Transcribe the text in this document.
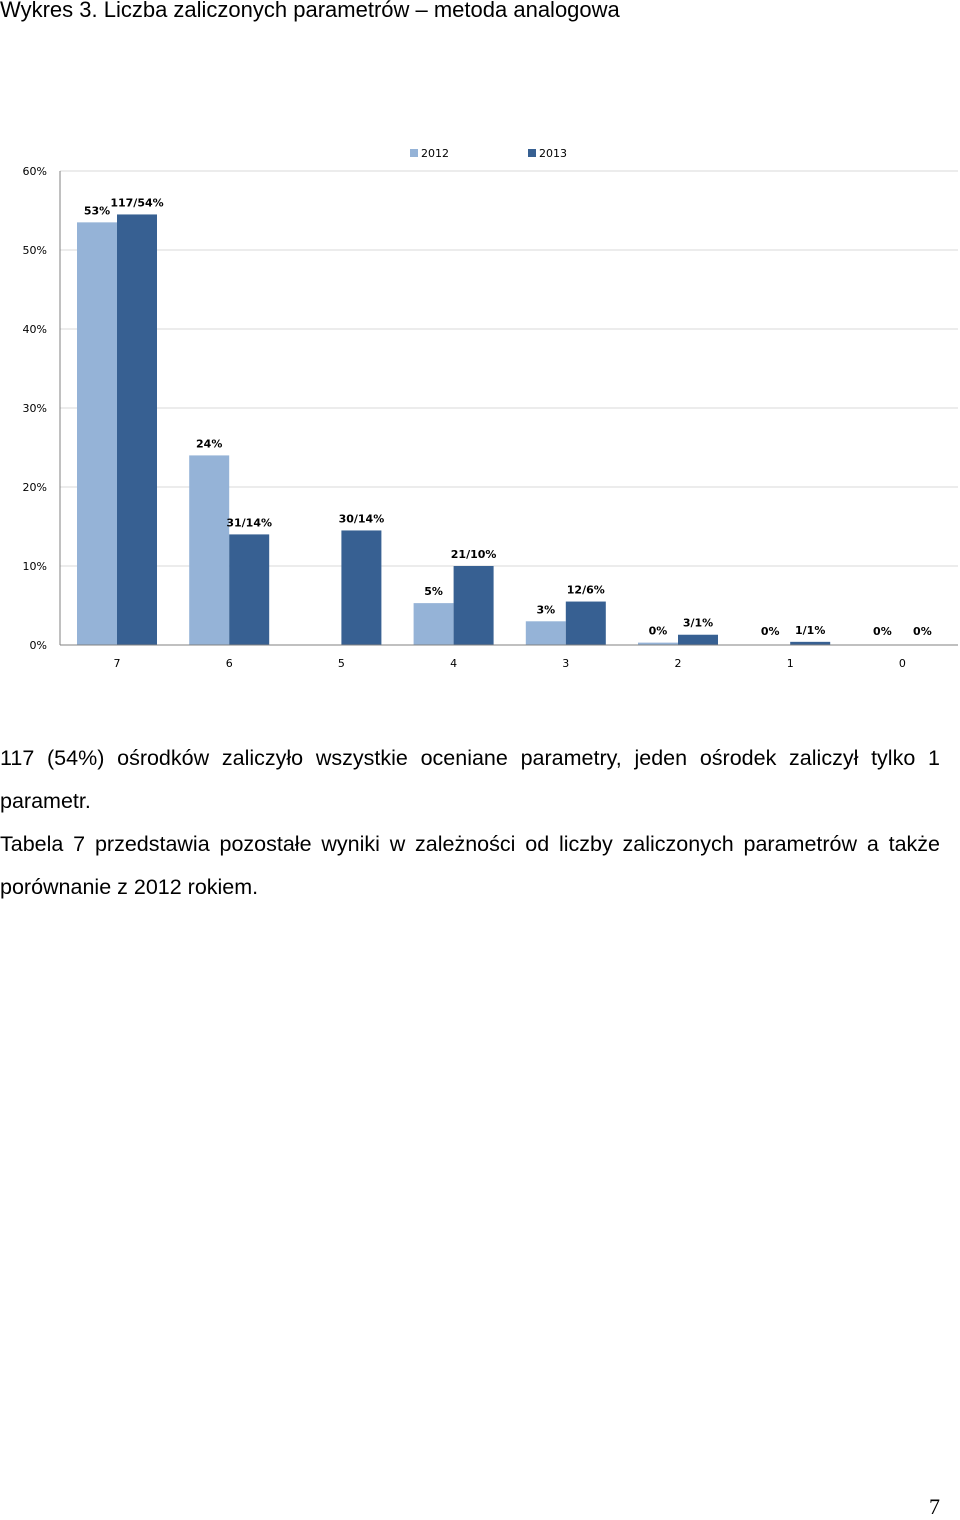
Wykres 3. Liczba zaliczonych parametrów – metoda analogowa
0%
10%
20%
30%
40%
50%
60%
53%
24%
5%
3%
0%	0%	0%
117/54%
31/14%	30/14%
21/10%
12/6%
3/1%
1/1%	0%
7	6	5	4	3	2	1	0
2012	2013
117 (54%) ośrodków zaliczyło wszystkie oceniane parametry, jeden ośrodek zaliczył tylko 1 parametr.
Tabela 7 przedstawia pozostałe wyniki w zależności od liczby zaliczonych parametrów a także porównanie z 2012 rokiem.
7
